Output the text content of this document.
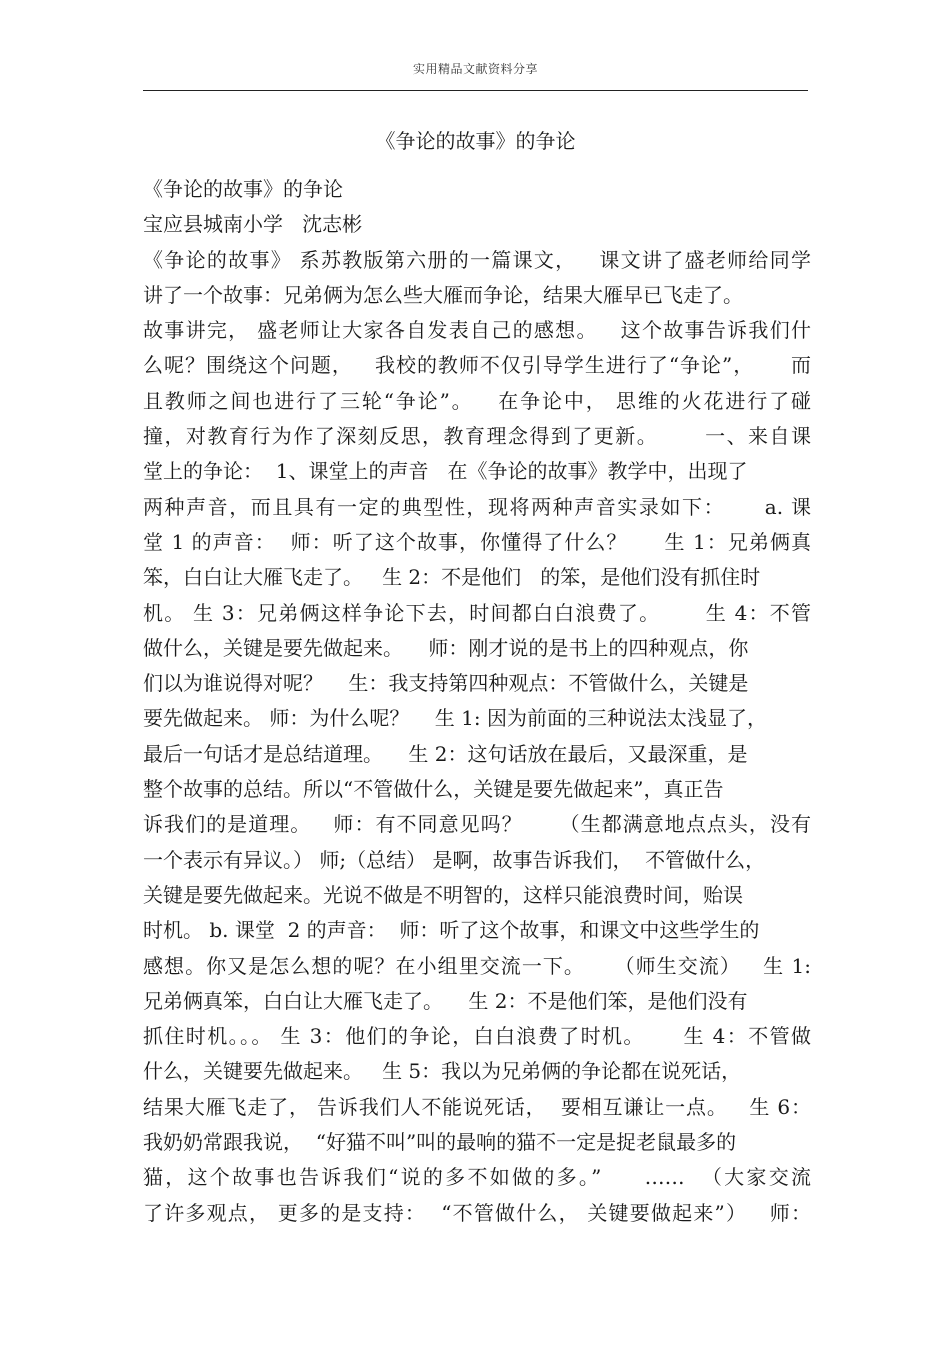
实用精品文献资料分享
《争论的故事》的争论
《争论的故事》的争论
宝应县城南小学   沈志彬
《争论的故事》 系苏教版第六册的一篇课文，   课文讲了盛老师给同学
讲了一个故事：兄弟俩为怎么些大雁而争论，结果大雁早已飞走了。
故事讲完， 盛老师让大家各自发表自己的感想。   这个故事告诉我们什
么呢？围绕这个问题，   我校的教师不仅引导学生进行了“争论”，     而
且教师之间也进行了三轮“争论”。   在争论中， 思维的火花进行了碰
撞，对教育行为作了深刻反思，教育理念得到了更新。      一、来自课
堂上的争论：  1、课堂上的声音   在《争论的故事》教学中，出现了
两种声音，而且具有一定的典型性，现将两种声音实录如下：     a. 课
堂 1 的声音：  师：听了这个故事，你懂得了什么？     生 1：兄弟俩真
笨，白白让大雁飞走了。   生 2：不是他们   的笨，是他们没有抓住时
机。 生 3：兄弟俩这样争论下去，时间都白白浪费了。      生 4：不管
做什么，关键是要先做起来。    师：刚才说的是书上的四种观点，你
们以为谁说得对呢？    生：我支持第四种观点：不管做什么，关键是
要先做起来。 师：为什么呢？    生 1: 因为前面的三种说法太浅显了，
最后一句话才是总结道理。    生 2：这句话放在最后，又最深重，是
整个故事的总结。所以“不管做什么，关键是要先做起来”，真正告
诉我们的是道理。   师：有不同意见吗？     （生都满意地点点头，没有
一个表示有异议。） 师;（总结） 是啊，故事告诉我们，  不管做什么，
关键是要先做起来。光说不做是不明智的，这样只能浪费时间，贻误
时机。 b. 课堂  2 的声音：  师：听了这个故事，和课文中这些学生的
感想。你又是怎么想的呢？在小组里交流一下。    （师生交流）   生 1:
兄弟俩真笨，白白让大雁飞走了。    生 2：不是他们笨，是他们没有
抓住时机。。。 生 3：他们的争论，白白浪费了时机。     生 4：不管做
什么，关键要先做起来。   生 5：我以为兄弟俩的争论都在说死话，
结果大雁飞走了， 告诉我们人不能说死话，  要相互谦让一点。   生 6：
我奶奶常跟我说，  “好猫不叫”叫的最响的猫不一定是捉老鼠最多的
猫，这个故事也告诉我们“说的多不如做的多。”     ……  （大家交流
了许多观点， 更多的是支持：  “不管做什么， 关键要做起来”）   师：
